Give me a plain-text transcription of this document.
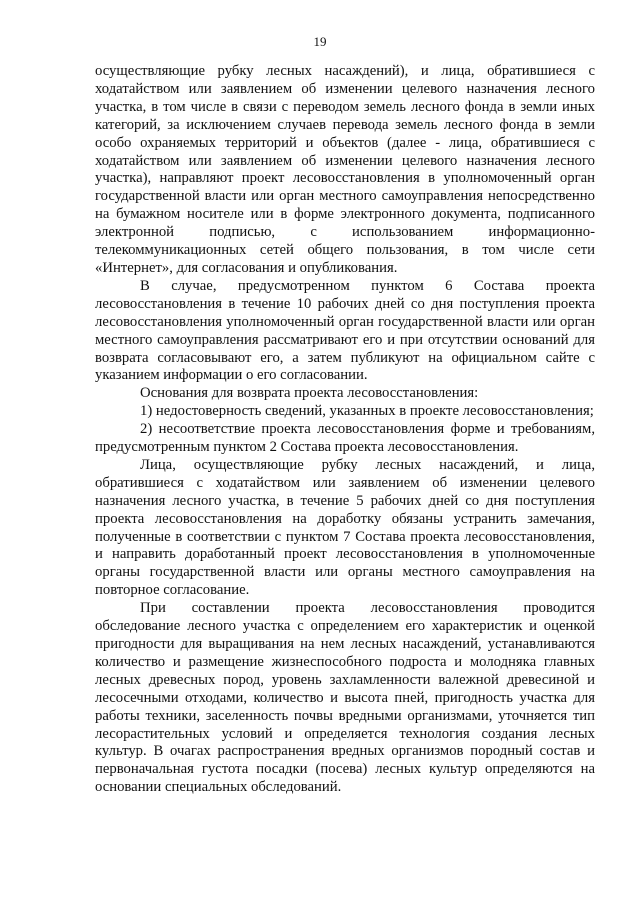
19

осуществляющие рубку лесных насаждений), и лица, обратившиеся с ходатайством или заявлением об изменении целевого назначения лесного участка, в том числе в связи с переводом земель лесного фонда в земли иных категорий, за исключением случаев перевода земель лесного фонда в земли особо охраняемых территорий и объектов (далее - лица, обратившиеся с ходатайством или заявлением об изменении целевого назначения лесного участка), направляют проект лесовосстановления в уполномоченный орган государственной власти или орган местного самоуправления непосредственно на бумажном носителе или в форме электронного документа, подписанного электронной подписью, с использованием информационно-телекоммуникационных сетей общего пользования, в том числе сети «Интернет», для согласования и опубликования.

В случае, предусмотренном пунктом 6 Состава проекта лесовосстановления в течение 10 рабочих дней со дня поступления проекта лесовосстановления уполномоченный орган государственной власти или орган местного самоуправления рассматривают его и при отсутствии оснований для возврата согласовывают его, а затем публикуют на официальном сайте с указанием информации о его согласовании.

Основания для возврата проекта лесовосстановления:

1) недостоверность сведений, указанных в проекте лесовосстановления;

2) несоответствие проекта лесовосстановления форме и требованиям, предусмотренным пунктом 2 Состава проекта лесовосстановления.

Лица, осуществляющие рубку лесных насаждений, и лица, обратившиеся с ходатайством или заявлением об изменении целевого назначения лесного участка, в течение 5 рабочих дней со дня поступления проекта лесовосстановления на доработку обязаны устранить замечания, полученные в соответствии с пунктом 7 Состава проекта лесовосстановления, и направить доработанный проект лесовосстановления в уполномоченные органы государственной власти или органы местного самоуправления на повторное согласование.

При составлении проекта лесовосстановления проводится обследование лесного участка с определением его характеристик и оценкой пригодности для выращивания на нем лесных насаждений, устанавливаются количество и размещение жизнеспособного подроста и молодняка главных лесных древесных пород, уровень захламленности валежной древесиной и лесосечными отходами, количество и высота пней, пригодность участка для работы техники, заселенность почвы вредными организмами, уточняется тип лесорастительных условий и определяется технология создания лесных культур. В очагах распространения вредных организмов породный состав и первоначальная густота посадки (посева) лесных культур определяются на основании специальных обследований.
